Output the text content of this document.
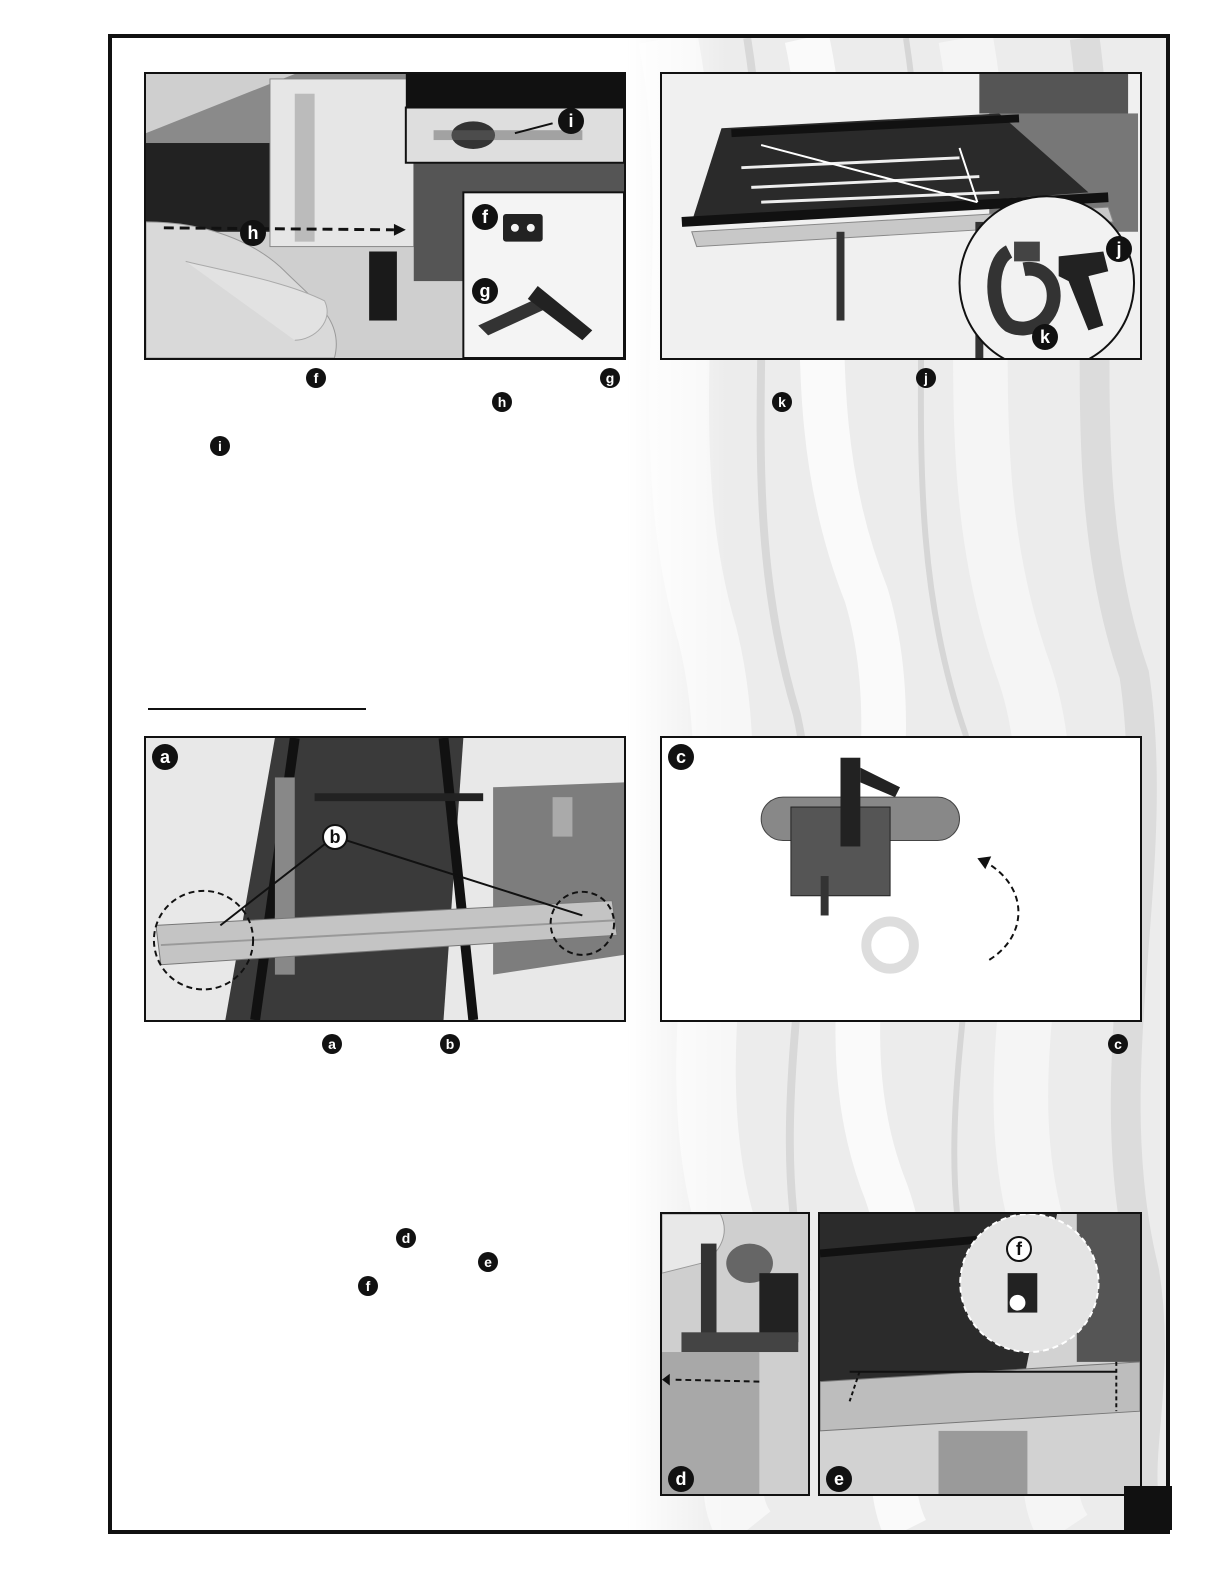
h
i
f
g
j
k
f	g
h
i
j
k
a
b
c
a	b	c
d
e
f
d	e
f
